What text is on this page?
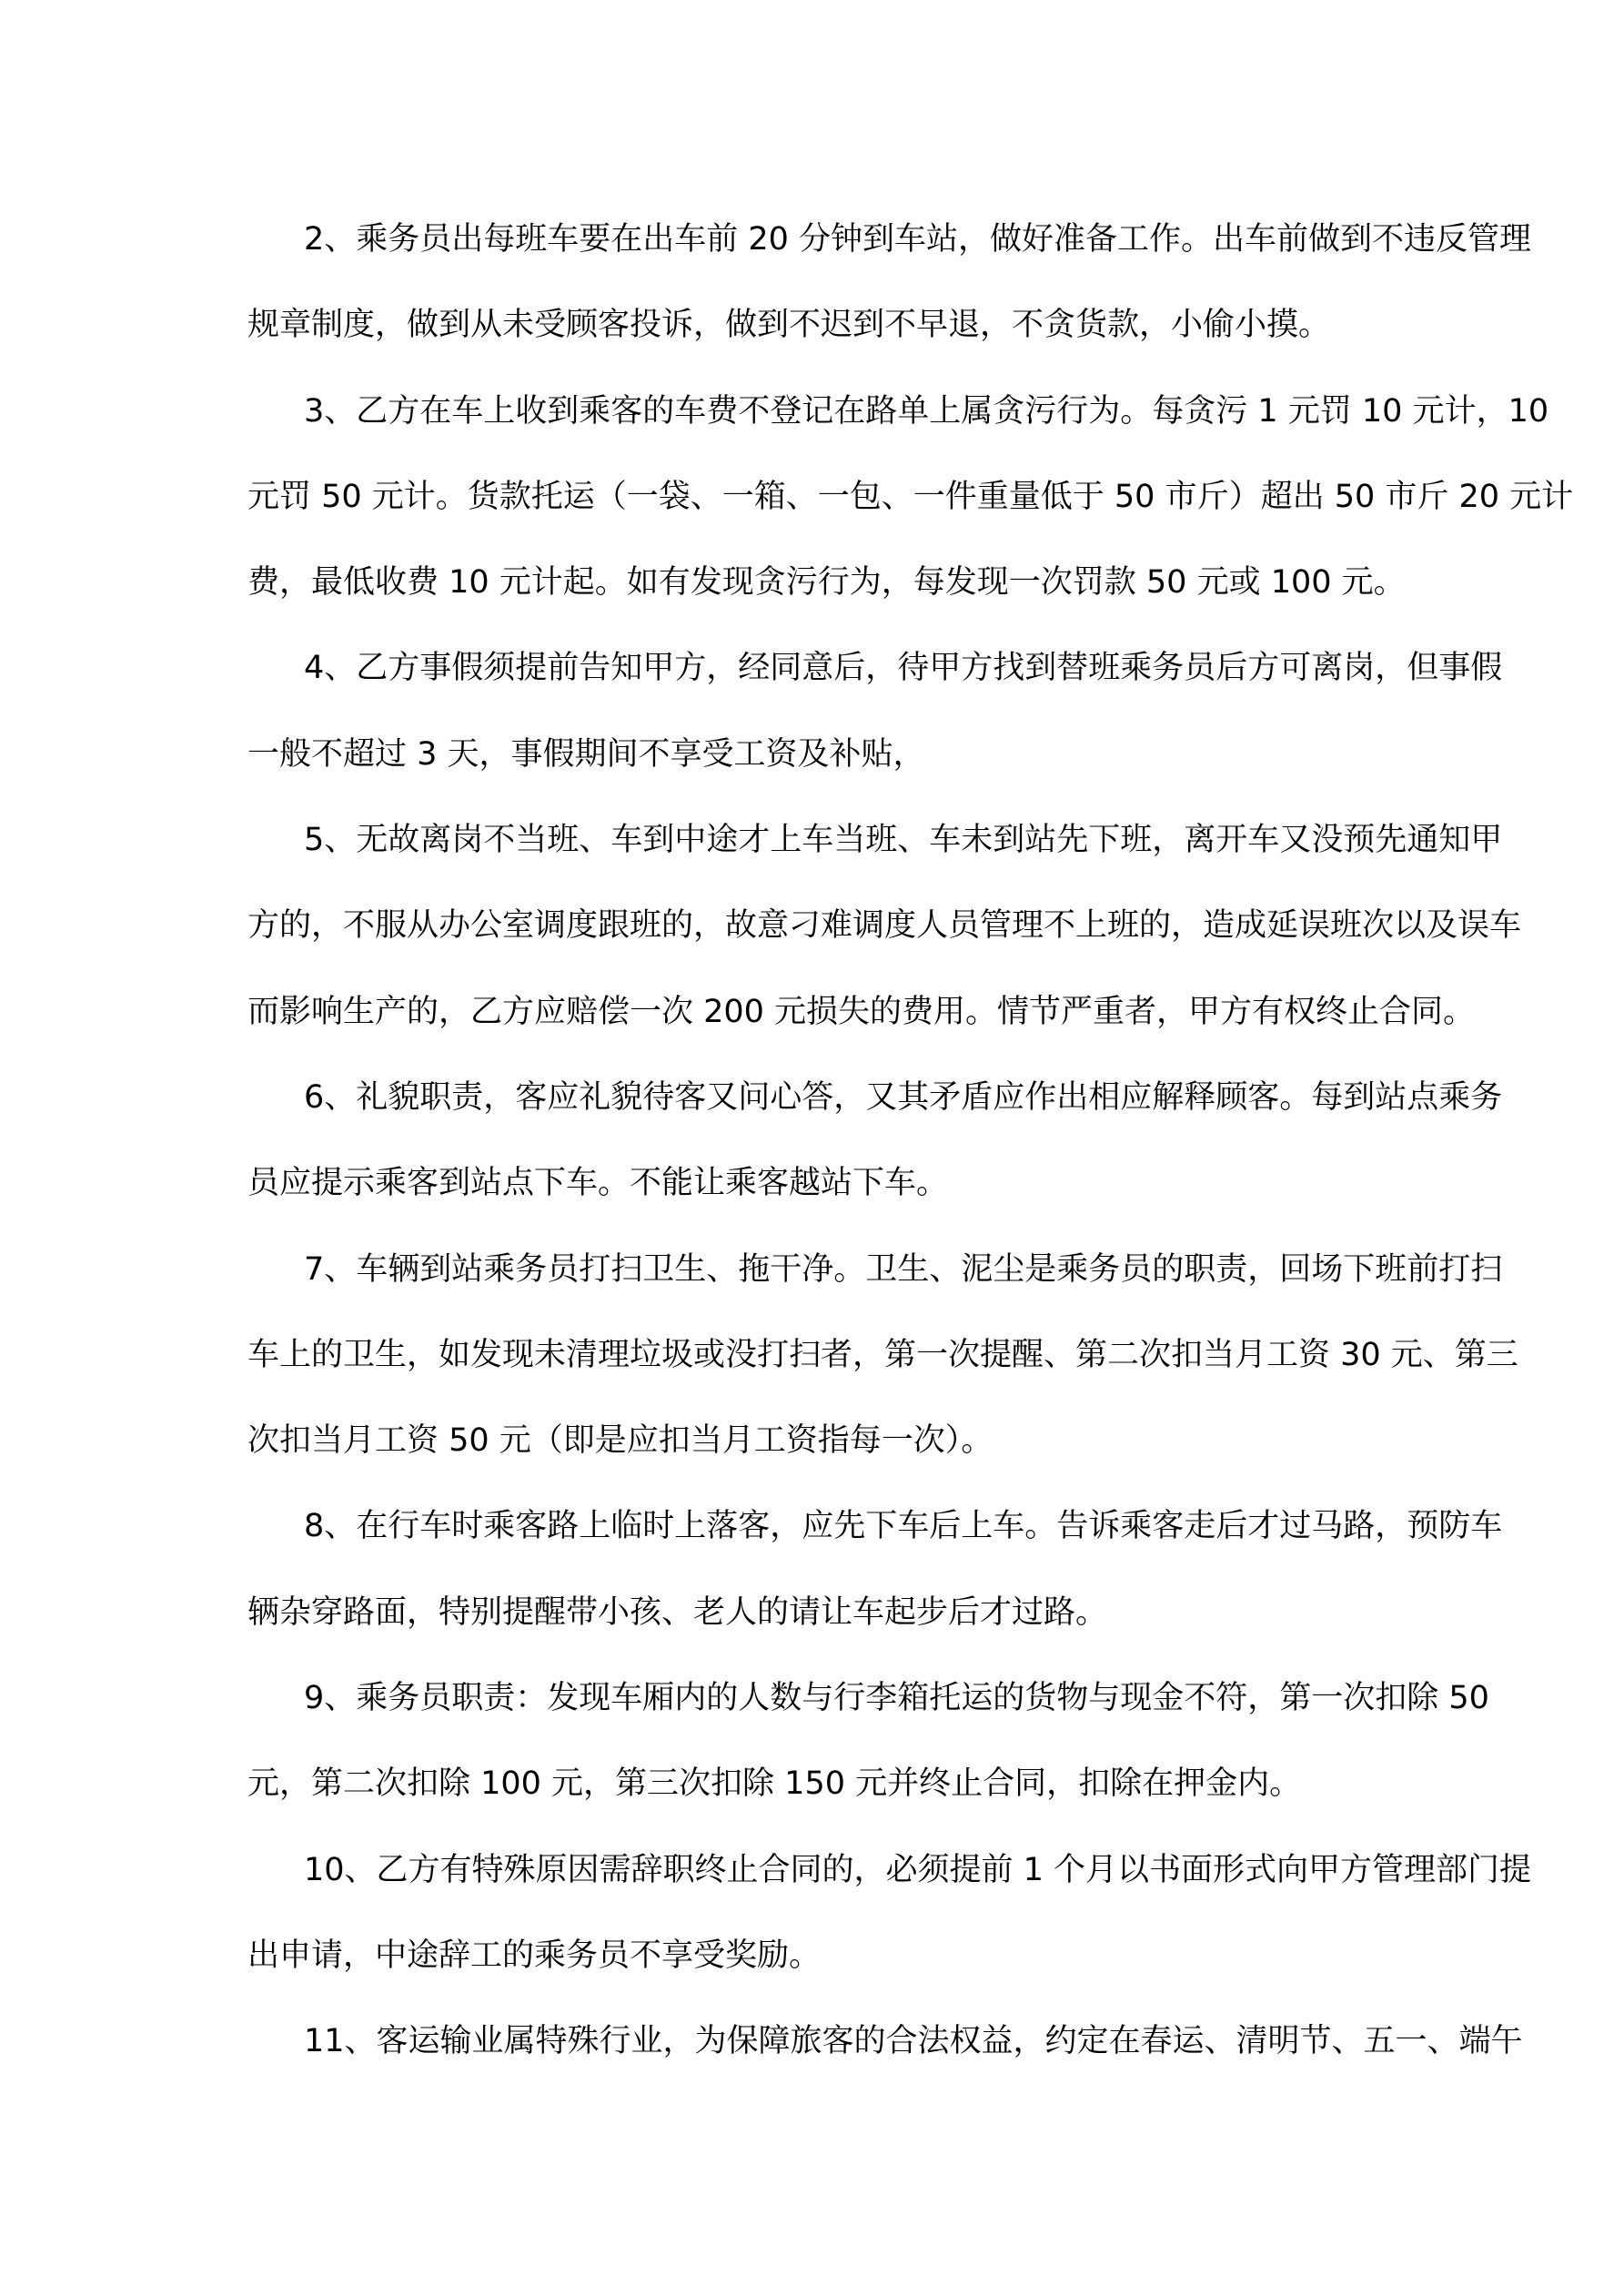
2、乘务员出每班车要在出车前 20 分钟到车站，做好准备工作。出车前做到不违反管理
规章制度，做到从未受顾客投诉，做到不迟到不早退，不贪货款，小偷小摸。
3、乙方在车上收到乘客的车费不登记在路单上属贪污行为。每贪污 1 元罚 10 元计，10
元罚 50 元计。货款托运（一袋、一箱、一包、一件重量低于 50 市斤）超出 50 市斤 20 元计
费，最低收费 10 元计起。如有发现贪污行为，每发现一次罚款 50 元或 100 元。
4、乙方事假须提前告知甲方，经同意后，待甲方找到替班乘务员后方可离岗，但事假
一般不超过 3 天，事假期间不享受工资及补贴，
5、无故离岗不当班、车到中途才上车当班、车未到站先下班，离开车又没预先通知甲
方的，不服从办公室调度跟班的，故意刁难调度人员管理不上班的，造成延误班次以及误车
而影响生产的，乙方应赔偿一次 200 元损失的费用。情节严重者，甲方有权终止合同。
6、礼貌职责，客应礼貌待客又问心答，又其矛盾应作出相应解释顾客。每到站点乘务
员应提示乘客到站点下车。不能让乘客越站下车。
7、车辆到站乘务员打扫卫生、拖干净。卫生、泥尘是乘务员的职责，回场下班前打扫
车上的卫生，如发现未清理垃圾或没打扫者，第一次提醒、第二次扣当月工资 30 元、第三
次扣当月工资 50 元（即是应扣当月工资指每一次）。
8、在行车时乘客路上临时上落客，应先下车后上车。告诉乘客走后才过马路，预防车
辆杂穿路面，特别提醒带小孩、老人的请让车起步后才过路。
9、乘务员职责：发现车厢内的人数与行李箱托运的货物与现金不符，第一次扣除 50
元，第二次扣除 100 元，第三次扣除 150 元并终止合同，扣除在押金内。
10、乙方有特殊原因需辞职终止合同的，必须提前 1 个月以书面形式向甲方管理部门提
出申请，中途辞工的乘务员不享受奖励。
11、客运输业属特殊行业，为保障旅客的合法权益，约定在春运、清明节、五一、端午
